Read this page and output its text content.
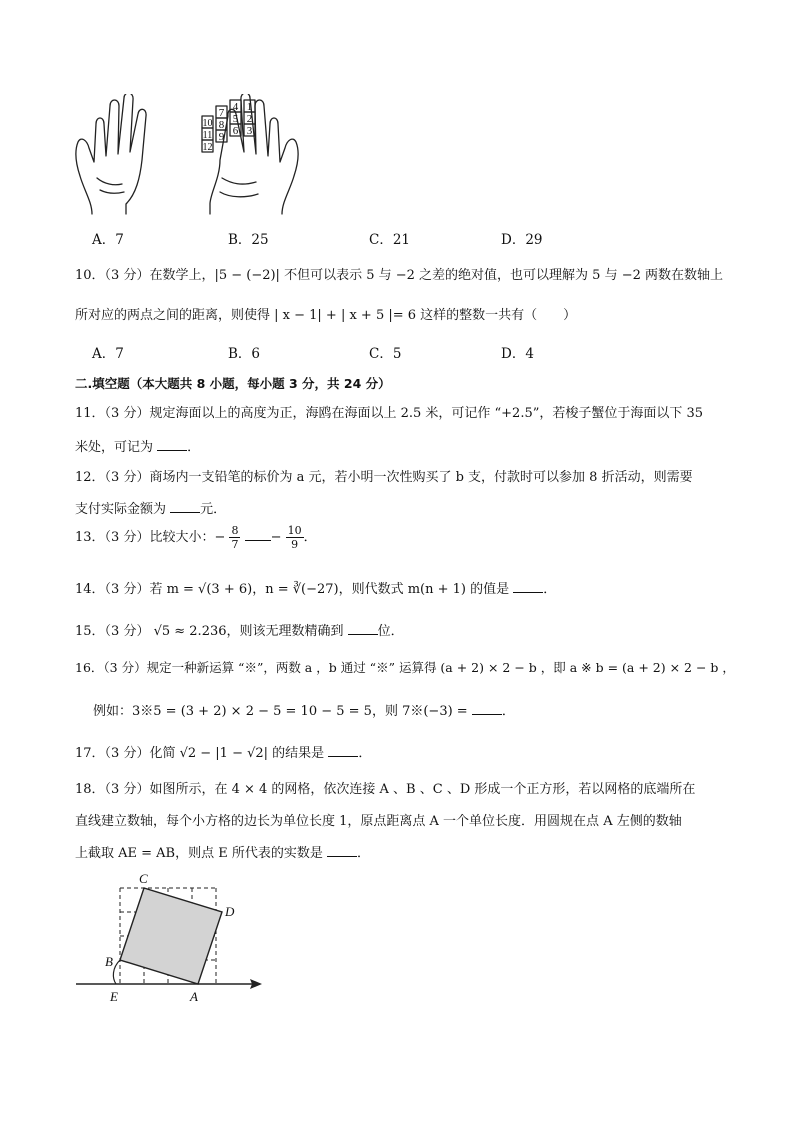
1
2
3
4
5
6
7
8
9
10
11
12
A．7	B．25	C．21	D．29
10．（3 分）在数学上，|5 − (−2)| 不但可以表示 5 与 −2 之差的绝对值，也可以理解为 5 与 −2 两数在数轴上
所对应的两点之间的距离，则使得 | x − 1| + | x + 5 |= 6 这样的整数一共有（　　）
A．7	B．6	C．5	D．4
二.填空题（本大题共 8 小题，每小题 3 分，共 24 分）
11．（3 分）规定海面以上的高度为正，海鸥在海面以上 2.5 米，可记作 “+2.5”，若梭子蟹位于海面以下 35
米处，可记为 ．
12．（3 分）商场内一支铅笔的标价为 a 元，若小明一次性购买了 b 支，付款时可以参加 8 折活动，则需要
支付实际金额为 元．
13．（3 分）比较大小：− $\frac{8}{7} - \frac{10}{9}$ ．
14．（3 分）若 m = √(3 + 6)，n = ∛(−27)，则代数式 m(n + 1) 的值是 ．
15．（3 分） √5 ≈ 2.236，则该无理数精确到 位．
16．（3 分）规定一种新运算 “※”，两数 a ，b 通过 “※” 运算得 (a + 2) × 2 − b ，即 a ※ b = (a + 2) × 2 − b ，
例如：3※5 = (3 + 2) × 2 − 5 = 10 − 5 = 5，则 7※(−3) = ．
17．（3 分）化简 √2 − |1 − √2| 的结果是 ．
18．（3 分）如图所示，在 4 × 4 的网格，依次连接 A 、B 、C 、D 形成一个正方形，若以网格的底端所在
直线建立数轴，每个小方格的边长为单位长度 1，原点距离点 A 一个单位长度．用圆规在点 A 左侧的数轴
上截取 AE = AB，则点 E 所代表的实数是 ．
C
D
B
E	A
